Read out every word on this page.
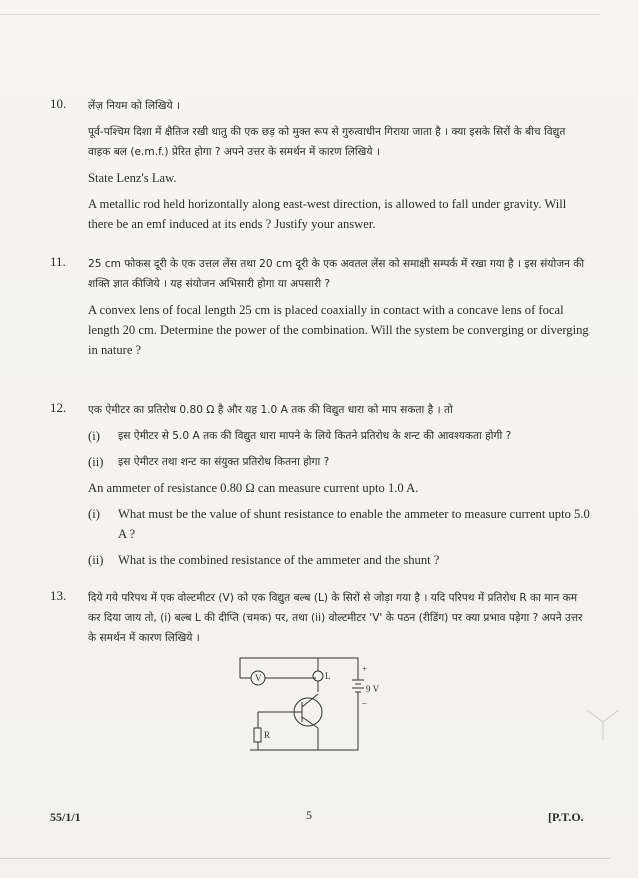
10. लेंज़ नियम को लिखिये ।

पूर्व-पश्चिम दिशा में क्षैतिज रखी धातु की एक छड़ को मुक्त रूप से गुरुत्वाधीन गिराया जाता है । क्या इसके सिरों के बीच विद्युत वाहक बल (e.m.f.) प्रेरित होगा ? अपने उत्तर के समर्थन में कारण लिखिये ।

State Lenz's Law.

A metallic rod held horizontally along east-west direction, is allowed to fall under gravity. Will there be an emf induced at its ends ? Justify your answer.

11. 25 cm फोकस दूरी के एक उत्तल लेंस तथा 20 cm दूरी के एक अवतल लेंस को समाक्षी सम्पर्क में रखा गया है । इस संयोजन की शक्ति ज्ञात कीजिये । यह संयोजन अभिसारी होगा या अपसारी ?

A convex lens of focal length 25 cm is placed coaxially in contact with a concave lens of focal length 20 cm. Determine the power of the combination. Will the system be converging or diverging in nature ?

12. एक ऐमीटर का प्रतिरोध 0.80 Ω है और यह 1.0 A तक की विद्युत धारा को माप सकता है । तो

(i)	इस ऐमीटर से 5.0 A तक की विद्युत धारा मापने के लिये कितने प्रतिरोध के शन्ट की आवश्यकता होगी ?
(ii)	इस ऐमीटर तथा शन्ट का संयुक्त प्रतिरोध कितना होगा ?

An ammeter of resistance 0.80 Ω can measure current upto 1.0 A.

(i)	What must be the value of shunt resistance to enable the ammeter to measure current upto 5.0 A ?
(ii)	What is the combined resistance of the ammeter and the shunt ?
13. दिये गये परिपथ में एक वोल्टमीटर (V) को एक विद्युत बल्ब (L) के सिरों से जोड़ा गया है । यदि परिपथ में प्रतिरोध R का मान कम कर दिया जाय तो, (i) बल्ब L की दीप्ति (चमक) पर, तथा (ii) वोल्टमीटर 'V' के पठन (रीडिंग) पर क्या प्रभाव पड़ेगा ? अपने उत्तर के समर्थन में कारण लिखिये ।

V	L
+
9 V
–
R
55/1/1	5	[P.T.O.
